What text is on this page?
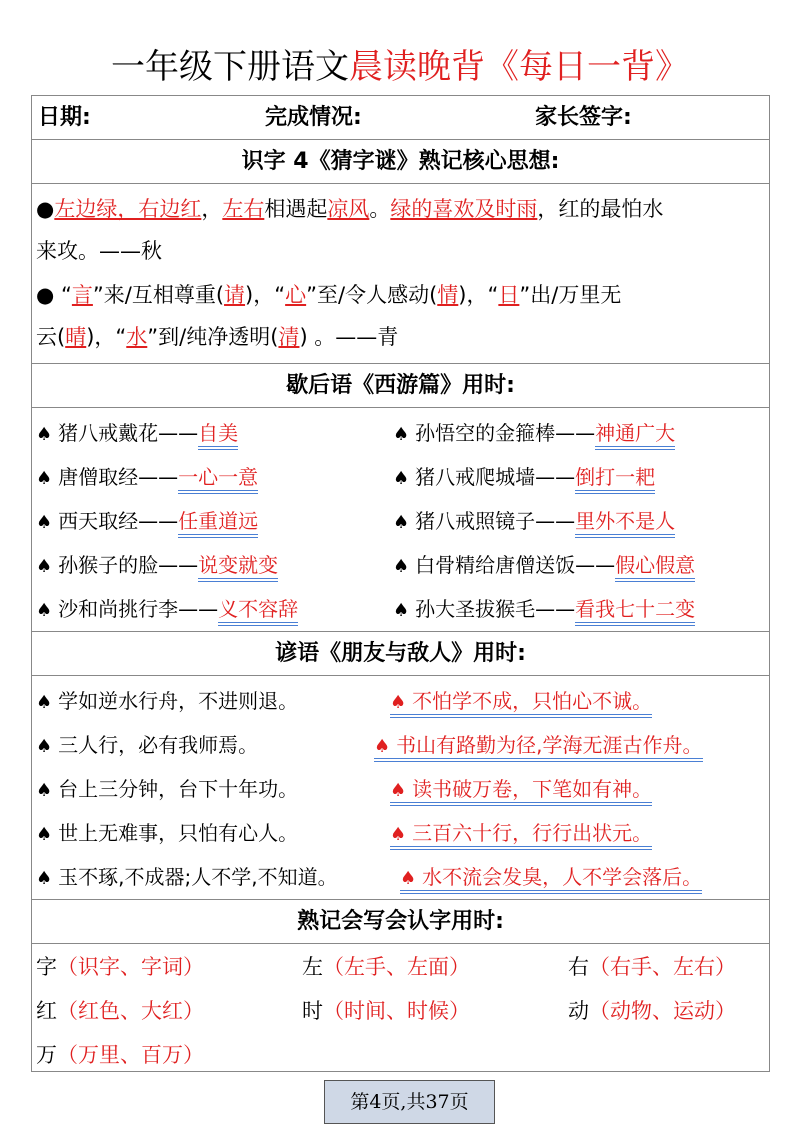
一年级下册语文晨读晚背《每日一背》
日期:	完成情况:	家长签字:
识字 4《猜字谜》熟记核心思想:
●左边绿，右边红，左右相遇起凉风。绿的喜欢及时雨，红的最怕水
来攻。——秋
● “言”来/互相尊重(请)，“心”至/令人感动(情)，“日”出/万里无
云(晴)，“水”到/纯净透明(清) 。——青
歇后语《西游篇》用时:
♠ 猪八戒戴花——自美	♠ 孙悟空的金箍棒——神通广大
♠ 唐僧取经——一心一意	♠ 猪八戒爬城墙——倒打一耙
♠ 西天取经——任重道远	♠ 猪八戒照镜子——里外不是人
♠ 孙猴子的脸——说变就变	♠ 白骨精给唐僧送饭——假心假意
♠ 沙和尚挑行李——义不容辞	♠ 孙大圣拔猴毛——看我七十二变
谚语《朋友与敌人》用时:
♠ 学如逆水行舟，不进则退。	♠ 不怕学不成，只怕心不诚。
♠ 三人行，必有我师焉。	♠ 书山有路勤为径,学海无涯古作舟。
♠ 台上三分钟，台下十年功。	♠ 读书破万卷，下笔如有神。
♠ 世上无难事，只怕有心人。	♠ 三百六十行，行行出状元。
♠ 玉不琢,不成器;人不学,不知道。	♠ 水不流会发臭，人不学会落后。
熟记会写会认字用时:
字（识字、字词）	左（左手、左面）	右（右手、左右）
红（红色、大红）	时（时间、时候）	动（动物、运动）
万（万里、百万）
第4页,共37页
